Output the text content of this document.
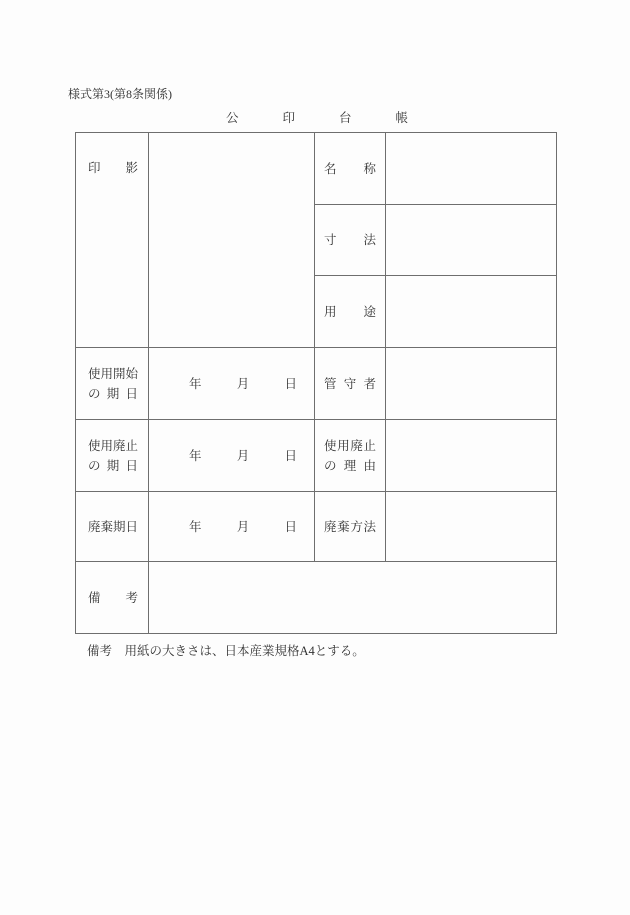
様式第3(第8条関係)
公印台帳
印影	名称
寸法
用途
使用開始
の期日
年月日 管守者
使用廃止
の期日
年月日
使用廃止
の理由
廃棄期日	年月日 廃棄方法
備考
備考　用紙の大きさは、日本産業規格A4とする。
